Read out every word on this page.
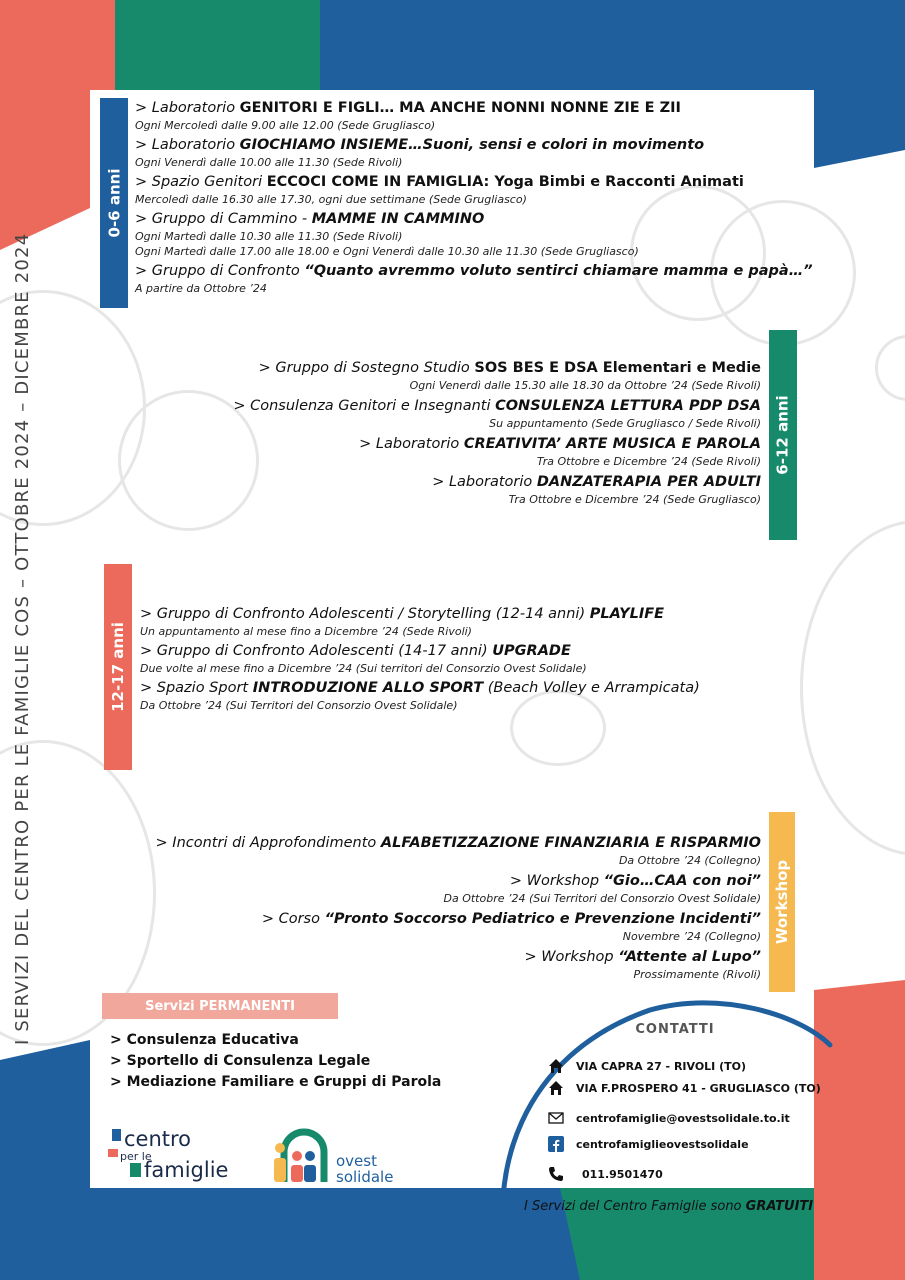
I SERVIZI DEL CENTRO PER LE FAMIGLIE COS – OTTOBRE 2024 – DICEMBRE 2024
0-6 anni
6-12 anni
12-17 anni
Workshop
> Laboratorio GENITORI E FIGLI… MA ANCHE NONNI NONNE ZIE E ZII
Ogni Mercoledì dalle 9.00 alle 12.00 (Sede Grugliasco)
> Laboratorio GIOCHIAMO INSIEME…Suoni, sensi e colori in movimento
Ogni Venerdì dalle 10.00 alle 11.30 (Sede Rivoli)
> Spazio Genitori ECCOCI COME IN FAMIGLIA: Yoga Bimbi e Racconti Animati
Mercoledì dalle 16.30 alle 17.30, ogni due settimane (Sede Grugliasco)
> Gruppo di Cammino - MAMME IN CAMMINO
Ogni Martedì dalle 10.30 alle 11.30 (Sede Rivoli)
Ogni Martedì dalle 17.00 alle 18.00 e Ogni Venerdì dalle 10.30 alle 11.30 (Sede Grugliasco)
> Gruppo di Confronto “Quanto avremmo voluto sentirci chiamare mamma e papà…”
A partire da Ottobre ’24
> Gruppo di Sostegno Studio SOS BES E DSA Elementari e Medie
Ogni Venerdì dalle 15.30 alle 18.30 da Ottobre ’24 (Sede Rivoli)
> Consulenza Genitori e Insegnanti CONSULENZA LETTURA PDP DSA
Su appuntamento (Sede Grugliasco / Sede Rivoli)
> Laboratorio CREATIVITA’ ARTE MUSICA E PAROLA
Tra Ottobre e Dicembre ’24 (Sede Rivoli)
> Laboratorio DANZATERAPIA PER ADULTI
Tra Ottobre e Dicembre ’24 (Sede Grugliasco)
> Gruppo di Confronto Adolescenti / Storytelling (12-14 anni) PLAYLIFE
Un appuntamento al mese fino a Dicembre ’24 (Sede Rivoli)
> Gruppo di Confronto Adolescenti (14-17 anni) UPGRADE
Due volte al mese fino a Dicembre ’24 (Sui territori del Consorzio Ovest Solidale)
> Spazio Sport INTRODUZIONE ALLO SPORT (Beach Volley e Arrampicata)
Da Ottobre ’24 (Sui Territori del Consorzio Ovest Solidale)
> Incontri di Approfondimento ALFABETIZZAZIONE FINANZIARIA E RISPARMIO
Da Ottobre ’24 (Collegno)
> Workshop “Gio…CAA con noi”
Da Ottobre ’24 (Sui Territori del Consorzio Ovest Solidale)
> Corso “Pronto Soccorso Pediatrico e Prevenzione Incidenti”
Novembre ’24 (Collegno)
> Workshop “Attente al Lupo”
Prossimamente (Rivoli)
Servizi PERMANENTI
> Consulenza Educativa
> Sportello di Consulenza Legale
> Mediazione Familiare e Gruppi di Parola
CONTATTI
VIA CAPRA 27 - RIVOLI (TO)
VIA F.PROSPERO 41 - GRUGLIASCO (TO)
centrofamiglie@ovestsolidale.to.it
centrofamiglieovestsolidale
011.9501470
centro
per le
famiglie	ovest
solidale
I Servizi del Centro Famiglie sono GRATUITI
